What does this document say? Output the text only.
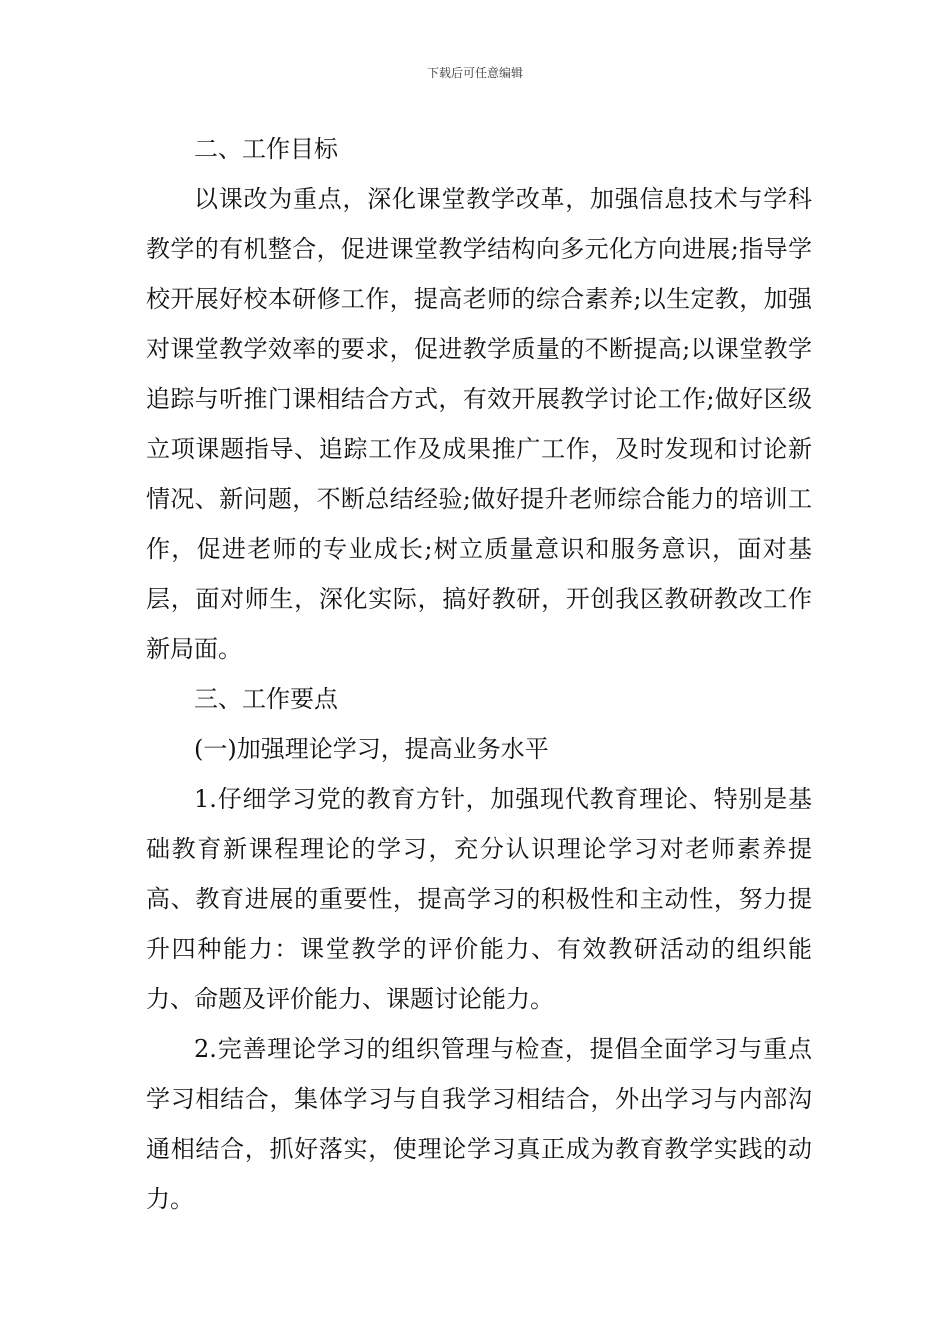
下载后可任意编辑

二、工作目标

以课改为重点，深化课堂教学改革，加强信息技术与学科教学的有机整合，促进课堂教学结构向多元化方向进展;指导学校开展好校本研修工作，提高老师的综合素养;以生定教，加强对课堂教学效率的要求，促进教学质量的不断提高;以课堂教学追踪与听推门课相结合方式，有效开展教学讨论工作;做好区级立项课题指导、追踪工作及成果推广工作，及时发现和讨论新情况、新问题，不断总结经验;做好提升老师综合能力的培训工作，促进老师的专业成长;树立质量意识和服务意识，面对基层，面对师生，深化实际，搞好教研，开创我区教研教改工作新局面。

三、工作要点

(一)加强理论学习，提高业务水平

1.仔细学习党的教育方针，加强现代教育理论、特别是基础教育新课程理论的学习，充分认识理论学习对老师素养提高、教育进展的重要性，提高学习的积极性和主动性，努力提升四种能力：课堂教学的评价能力、有效教研活动的组织能力、命题及评价能力、课题讨论能力。

2.完善理论学习的组织管理与检查，提倡全面学习与重点学习相结合，集体学习与自我学习相结合，外出学习与内部沟通相结合，抓好落实，使理论学习真正成为教育教学实践的动力。
